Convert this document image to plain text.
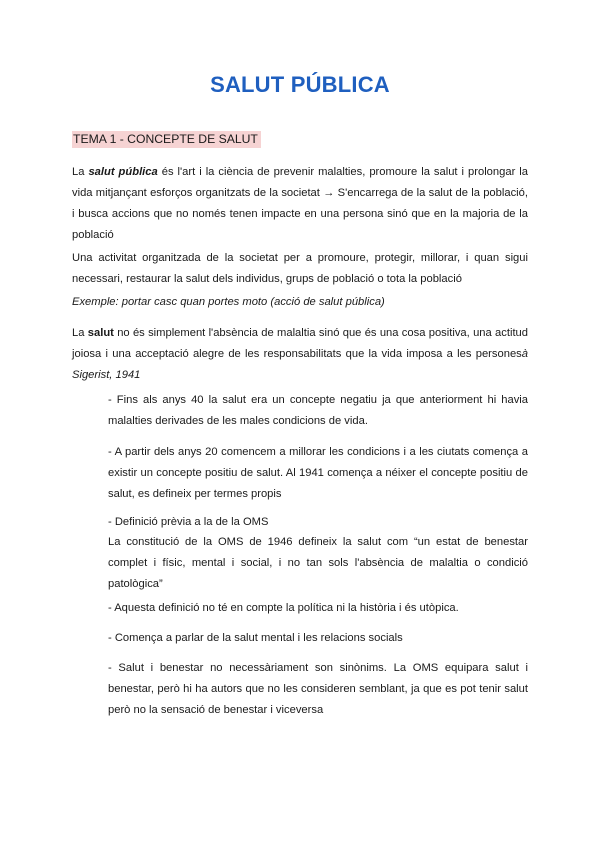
SALUT PÚBLICA
TEMA 1 - CONCEPTE DE SALUT

La salut pública és l'art i la ciència de prevenir malalties, promoure la salut i prolongar la vida mitjançant esforços organitzats de la societat → S'encarrega de la salut de la població, i busca accions que no només tenen impacte en una persona sinó que en la majoria de la població

Una activitat organitzada de la societat per a promoure, protegir, millorar, i quan sigui necessari, restaurar la salut dels individus, grups de població o tota la població

Exemple: portar casc quan portes moto (acció de salut pública)

La salut no és simplement l'absència de malaltia sinó que és una cosa positiva, una actitud joiosa i una acceptació alegre de les responsabilitats que la vida imposa a les personesà Sigerist, 1941

- Fins als anys 40 la salut era un concepte negatiu ja que anteriorment hi havia malalties derivades de les males condicions de vida.

- A partir dels anys 20 comencem a millorar les condicions i a les ciutats comença a existir un concepte positiu de salut. Al 1941 comença a néixer el concepte positiu de salut, es defineix per termes propis

- Definició prèvia a la de la OMS

La constitució de la OMS de 1946 defineix la salut com “un estat de benestar complet i físic, mental i social, i no tan sols l'absència de malaltia o condició patològica”

- Aquesta definició no té en compte la política ni la història i és utòpica.

- Comença a parlar de la salut mental i les relacions socials

- Salut i benestar no necessàriament son sinònims. La OMS equipara salut i benestar, però hi ha autors que no les consideren semblant, ja que es pot tenir salut però no la sensació de benestar i viceversa
